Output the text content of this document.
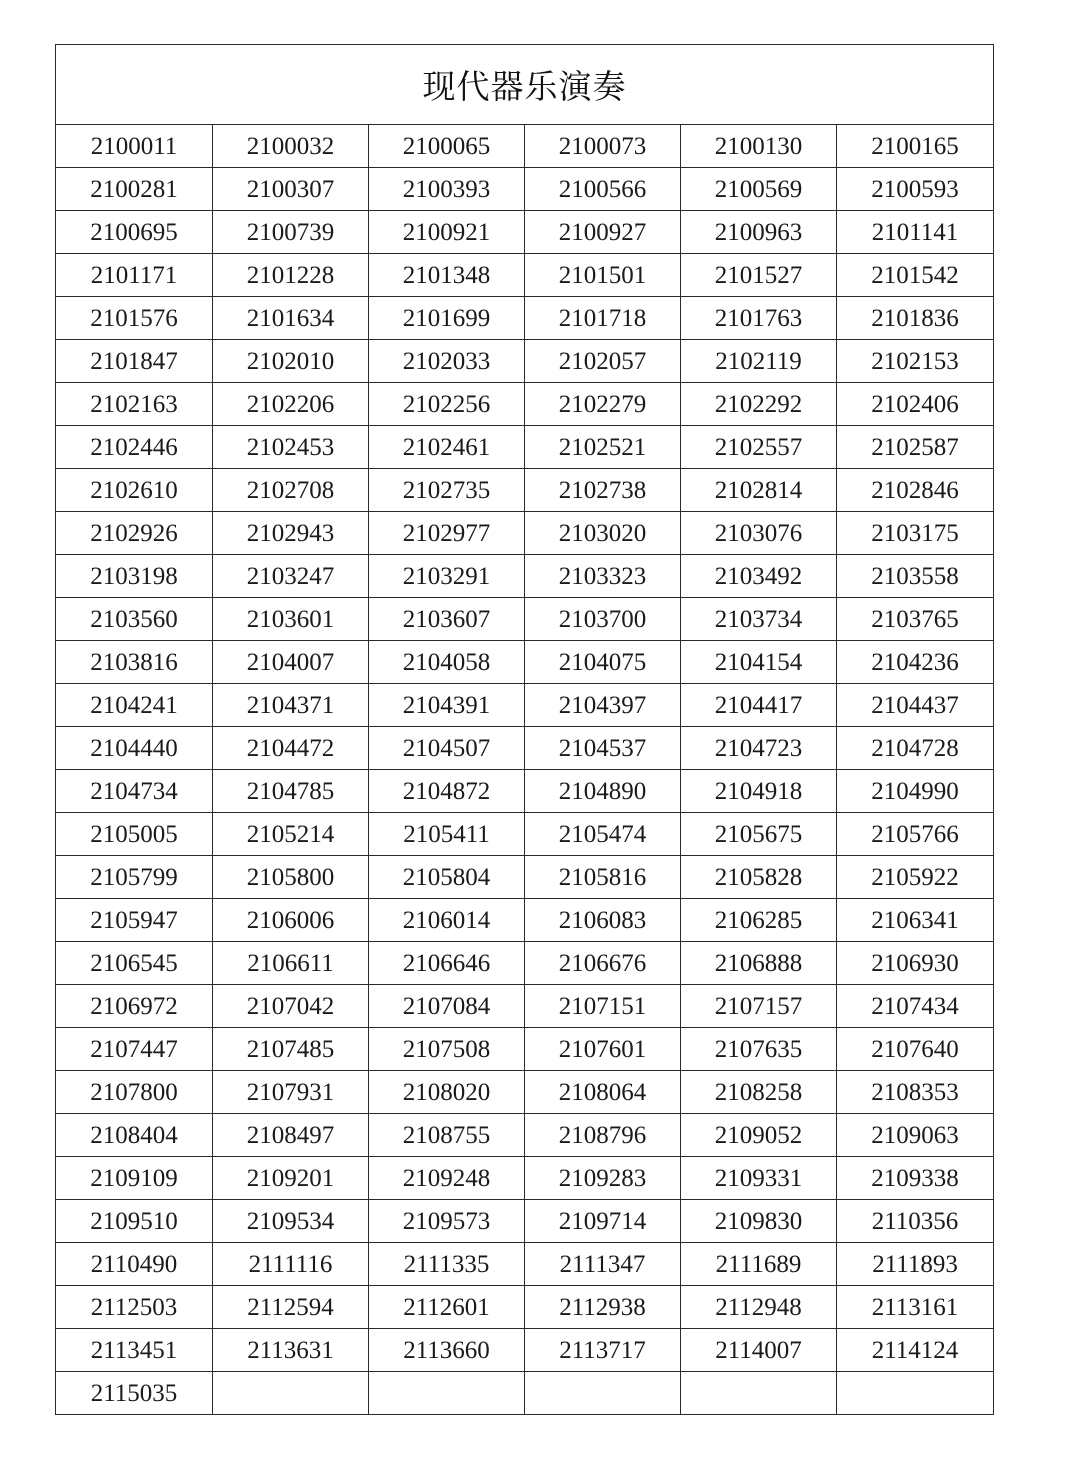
现代器乐演奏					
2100011	2100032	2100065	2100073	2100130	2100165
2100281	2100307	2100393	2100566	2100569	2100593
2100695	2100739	2100921	2100927	2100963	2101141
2101171	2101228	2101348	2101501	2101527	2101542
2101576	2101634	2101699	2101718	2101763	2101836
2101847	2102010	2102033	2102057	2102119	2102153
2102163	2102206	2102256	2102279	2102292	2102406
2102446	2102453	2102461	2102521	2102557	2102587
2102610	2102708	2102735	2102738	2102814	2102846
2102926	2102943	2102977	2103020	2103076	2103175
2103198	2103247	2103291	2103323	2103492	2103558
2103560	2103601	2103607	2103700	2103734	2103765
2103816	2104007	2104058	2104075	2104154	2104236
2104241	2104371	2104391	2104397	2104417	2104437
2104440	2104472	2104507	2104537	2104723	2104728
2104734	2104785	2104872	2104890	2104918	2104990
2105005	2105214	2105411	2105474	2105675	2105766
2105799	2105800	2105804	2105816	2105828	2105922
2105947	2106006	2106014	2106083	2106285	2106341
2106545	2106611	2106646	2106676	2106888	2106930
2106972	2107042	2107084	2107151	2107157	2107434
2107447	2107485	2107508	2107601	2107635	2107640
2107800	2107931	2108020	2108064	2108258	2108353
2108404	2108497	2108755	2108796	2109052	2109063
2109109	2109201	2109248	2109283	2109331	2109338
2109510	2109534	2109573	2109714	2109830	2110356
2110490	2111116	2111335	2111347	2111689	2111893
2112503	2112594	2112601	2112938	2112948	2113161
2113451	2113631	2113660	2113717	2114007	2114124
2115035					
